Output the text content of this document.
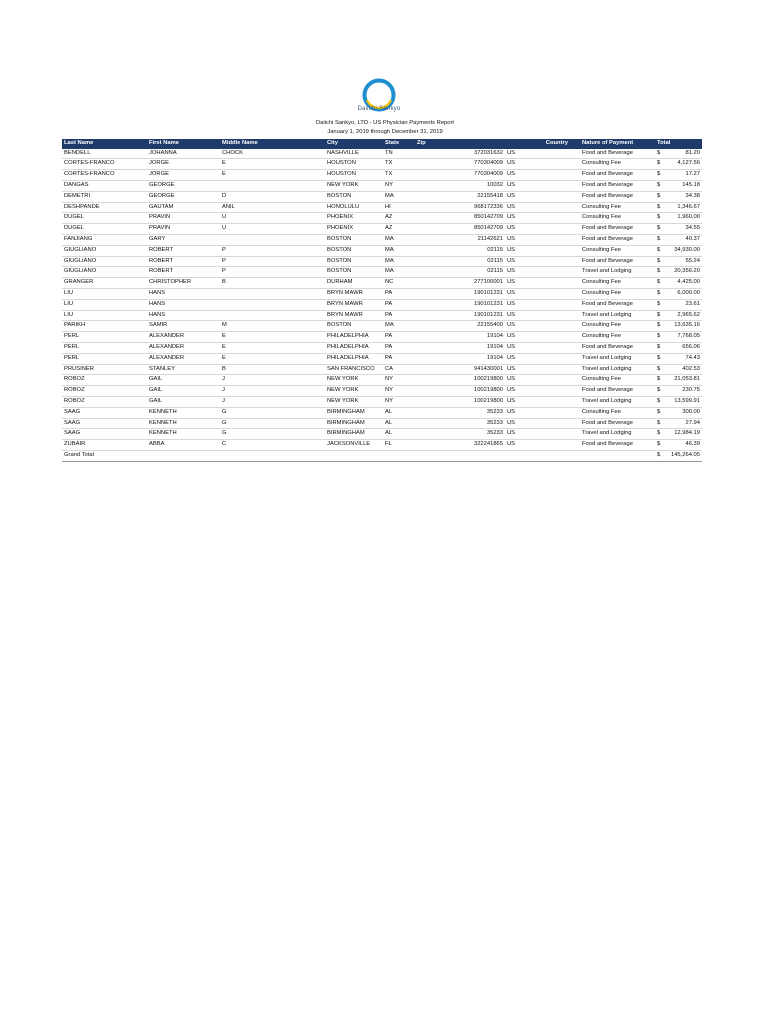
Daiichi-Sankyo
Daiichi Sankyo, LTD - US Physician Payments Report
January 1, 2019 through December 31, 2019
Last Name	First Name	Middle Name	City	State	Zip	Country	Nature of Payment	Total
BENDELL	JOHANNA	CHOCK	NASHVILLE	TN	372031632	US	Food and Beverage	$ 81.20

CORTES-FRANCO	JORGE	E	HOUSTON	TX	770304009	US	Consulting Fee	$ 4,127.56

CORTES-FRANCO	JORGE	E	HOUSTON	TX	770304009	US	Food and Beverage	$ 17.27

DANGAS	GEORGE		NEW YORK	NY	10032	US	Food and Beverage	$ 145.18

DEMETRI	GEORGE	D	BOSTON	MA	22155418	US	Food and Beverage	$ 34.38

DESHPANDE	GAUTAM	ANIL	HONOLULU	HI	968172336	US	Consulting Fee	$ 1,346.67

DUGEL	PRAVIN	U	PHOENIX	AZ	850142709	US	Consulting Fee	$ 1,960.00

DUGEL	PRAVIN	U	PHOENIX	AZ	850142709	US	Food and Beverage	$ 34.55

FANJIANG	GARY		BOSTON	MA	21142621	US	Food and Beverage	$ 40.37

GIUGLIANO	ROBERT	P	BOSTON	MA	02115	US	Consulting Fee	$ 34,930.00

GIUGLIANO	ROBERT	P	BOSTON	MA	02115	US	Food and Beverage	$ 55.24

GIUGLIANO	ROBERT	P	BOSTON	MA	02115	US	Travel and Lodging	$ 20,356.20

GRANGER	CHRISTOPHER	B	DURHAM	NC	277100001	US	Consulting Fee	$ 4,425.00

LIU	HANS		BRYN MAWR	PA	190101231	US	Consulting Fee	$ 6,000.00

LIU	HANS		BRYN MAWR	PA	190101231	US	Food and Beverage	$ 23.61

LIU	HANS		BRYN MAWR	PA	190101231	US	Travel and Lodging	$ 2,965.62

PARIKH	SAMIR	M	BOSTON	MA	22155400	US	Consulting Fee	$ 13,635.16

PERL	ALEXANDER	E	PHILADELPHIA	PA	19104	US	Consulting Fee	$ 7,768.05

PERL	ALEXANDER	E	PHILADELPHIA	PA	19104	US	Food and Beverage	$ 656.06

PERL	ALEXANDER	E	PHILADELPHIA	PA	19104	US	Travel and Lodging	$ 74.43

PRUSINER	STANLEY	B	SAN FRANCISCO	CA	941430001	US	Travel and Lodging	$ 402.53

ROBOZ	GAIL	J	NEW YORK	NY	100219800	US	Consulting Fee	$ 21,053.81

ROBOZ	GAIL	J	NEW YORK	NY	100219800	US	Food and Beverage	$ 230.75

ROBOZ	GAIL	J	NEW YORK	NY	100219800	US	Travel and Lodging	$ 13,599.91

SAAG	KENNETH	G	BIRMINGHAM	AL	35233	US	Consulting Fee	$ 300.00

SAAG	KENNETH	G	BIRMINGHAM	AL	35233	US	Food and Beverage	$ 27.94

SAAG	KENNETH	G	BIRMINGHAM	AL	35233	US	Travel and Lodging	$ 12,984.19

ZUBAIR	ABBA	C	JACKSONVILLE	FL	322241865	US	Food and Beverage	$ 46.39

Grand Total								$ 145,264.05
